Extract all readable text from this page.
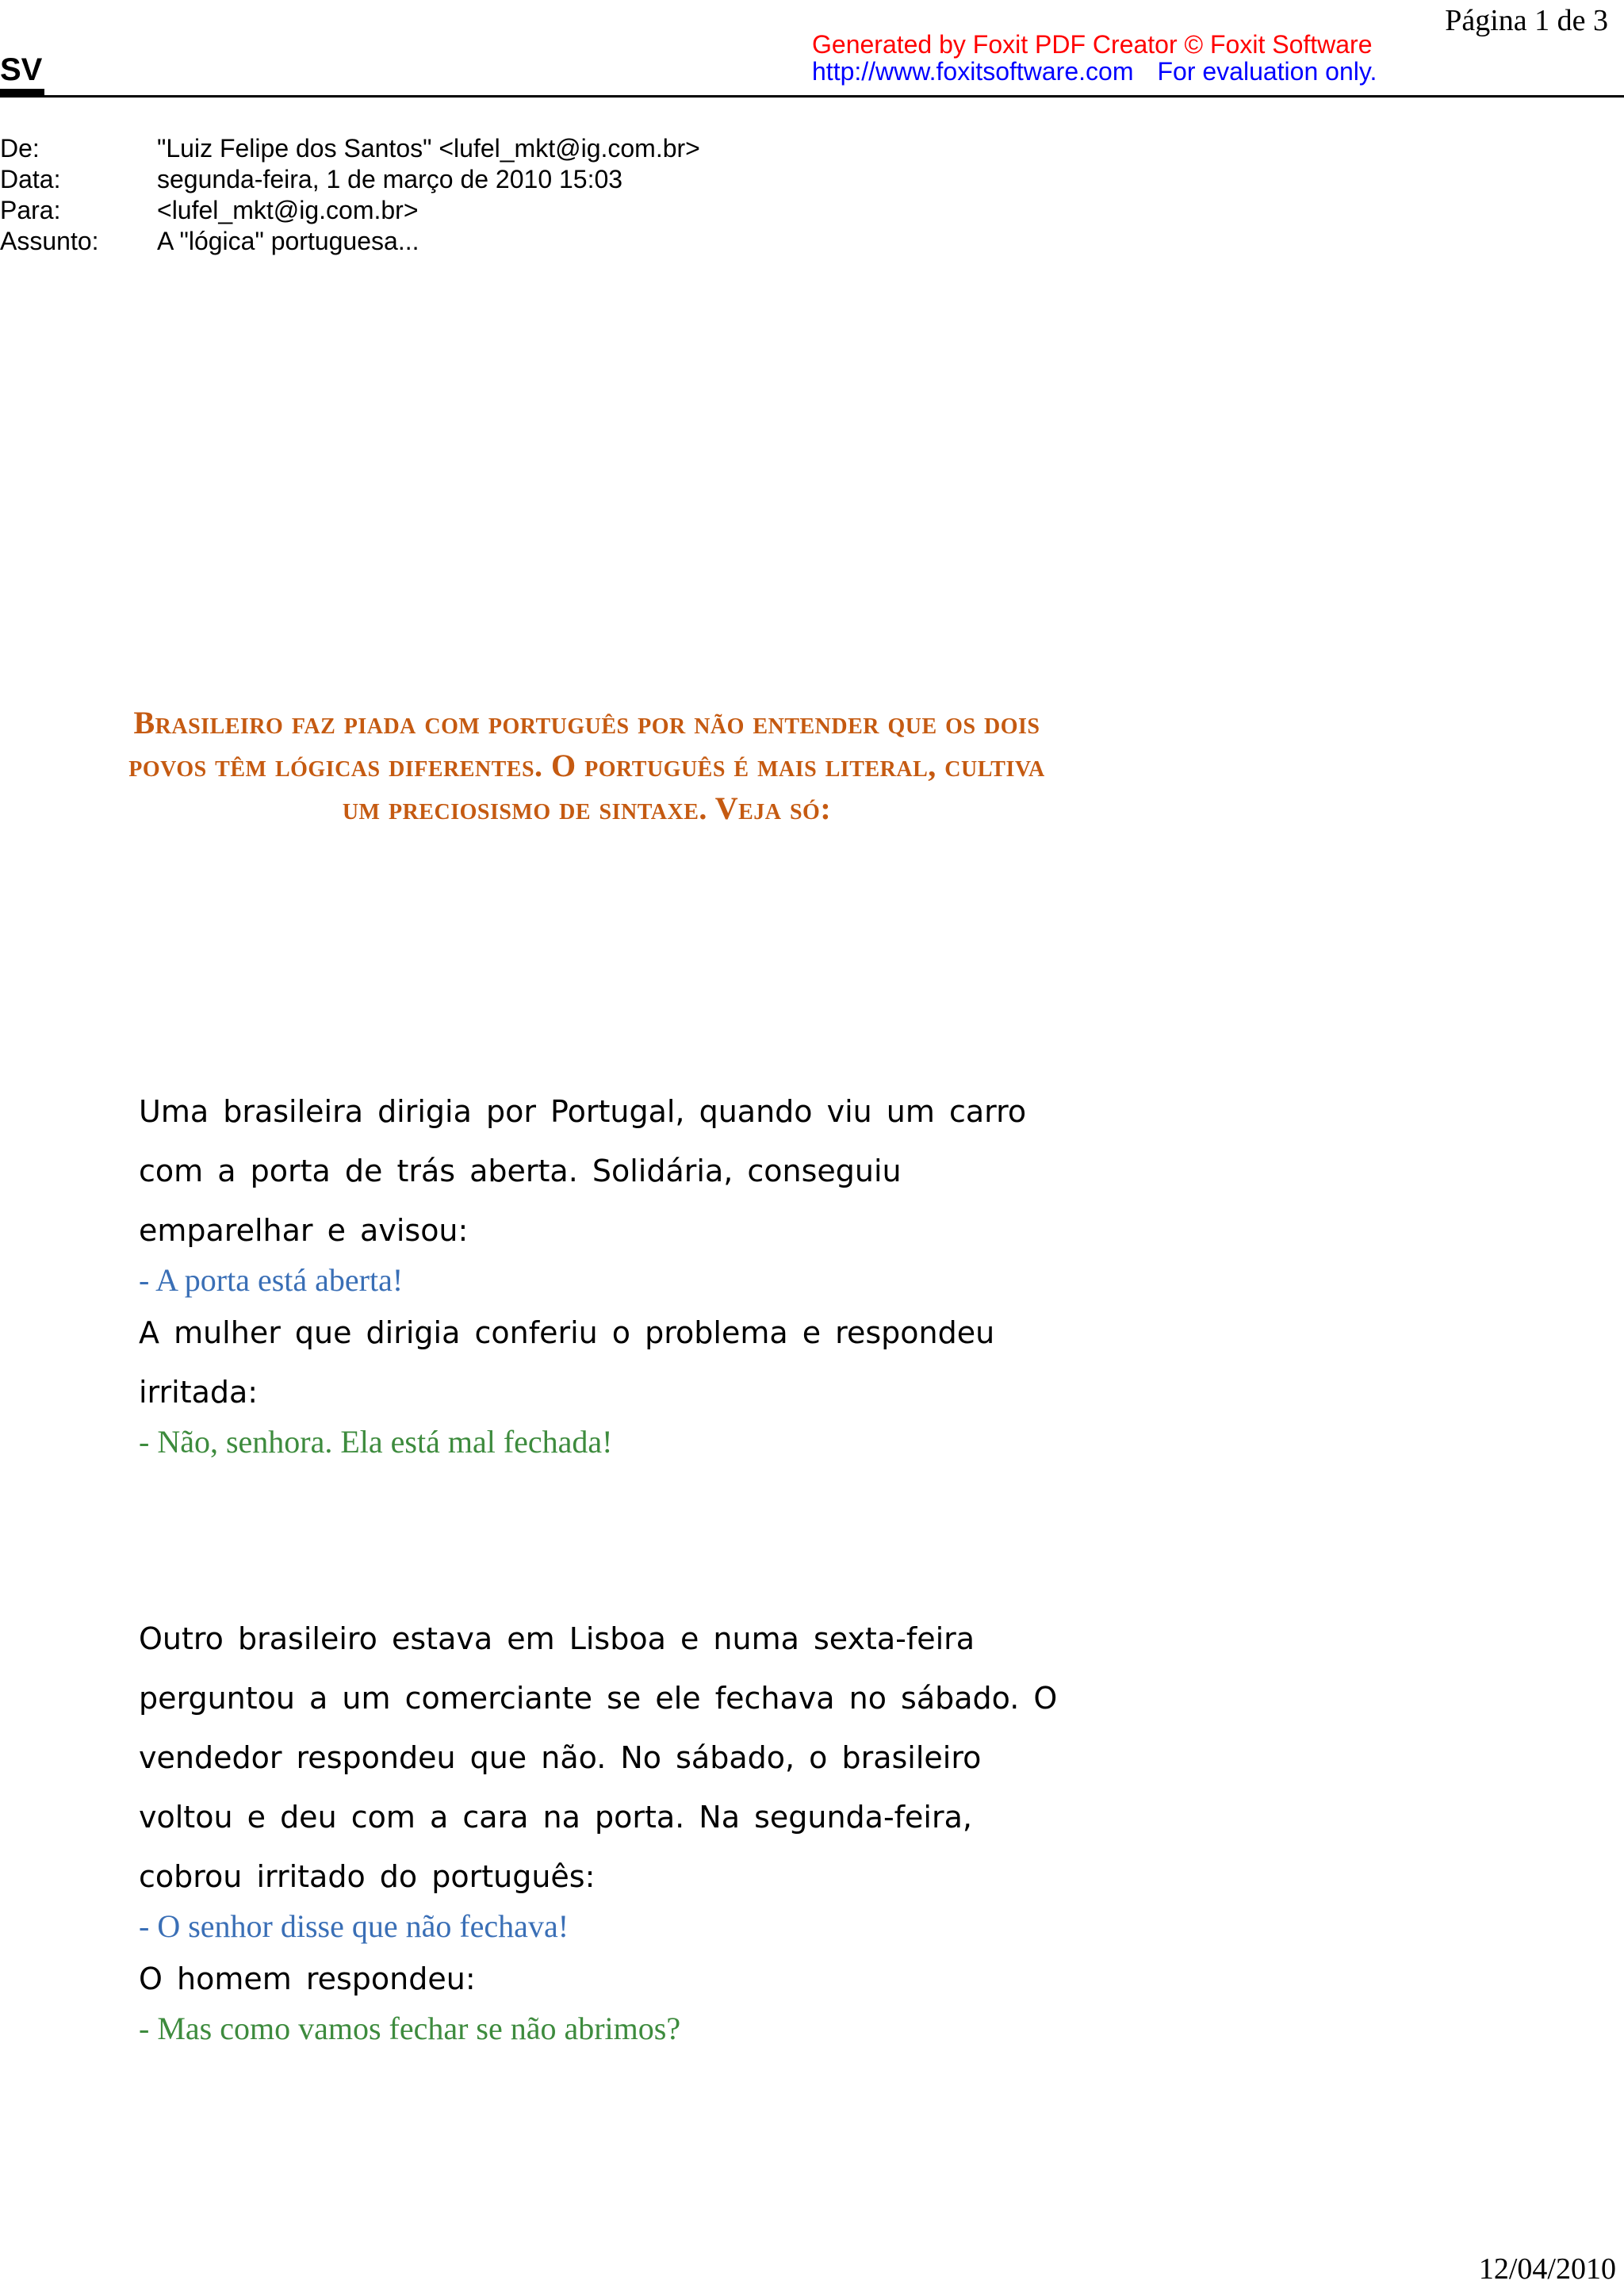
Página 1 de 3
Generated by Foxit PDF Creator © Foxit Software
http://www.foxitsoftware.com For evaluation only.
SV
De:	"Luiz Felipe dos Santos" <lufel_mkt@ig.com.br>
Data:	segunda-feira, 1 de março de 2010 15:03
Para:	<lufel_mkt@ig.com.br>
Assunto:	A "lógica" portuguesa...
Brasileiro faz piada com português por não entender que os dois povos têm lógicas diferentes. O português é mais literal, cultiva um preciosismo de sintaxe. Veja só:
Uma brasileira dirigia por Portugal, quando viu um carro com a porta de trás aberta. Solidária, conseguiu emparelhar e avisou:
- A porta está aberta!
A mulher que dirigia conferiu o problema e respondeu irritada:
- Não, senhora. Ela está mal fechada!
Outro brasileiro estava em Lisboa e numa sexta-feira perguntou a um comerciante se ele fechava no sábado. O vendedor respondeu que não. No sábado, o brasileiro voltou e deu com a cara na porta. Na segunda-feira, cobrou irritado do português:
- O senhor disse que não fechava!
O homem respondeu:
- Mas como vamos fechar se não abrimos?
12/04/2010
